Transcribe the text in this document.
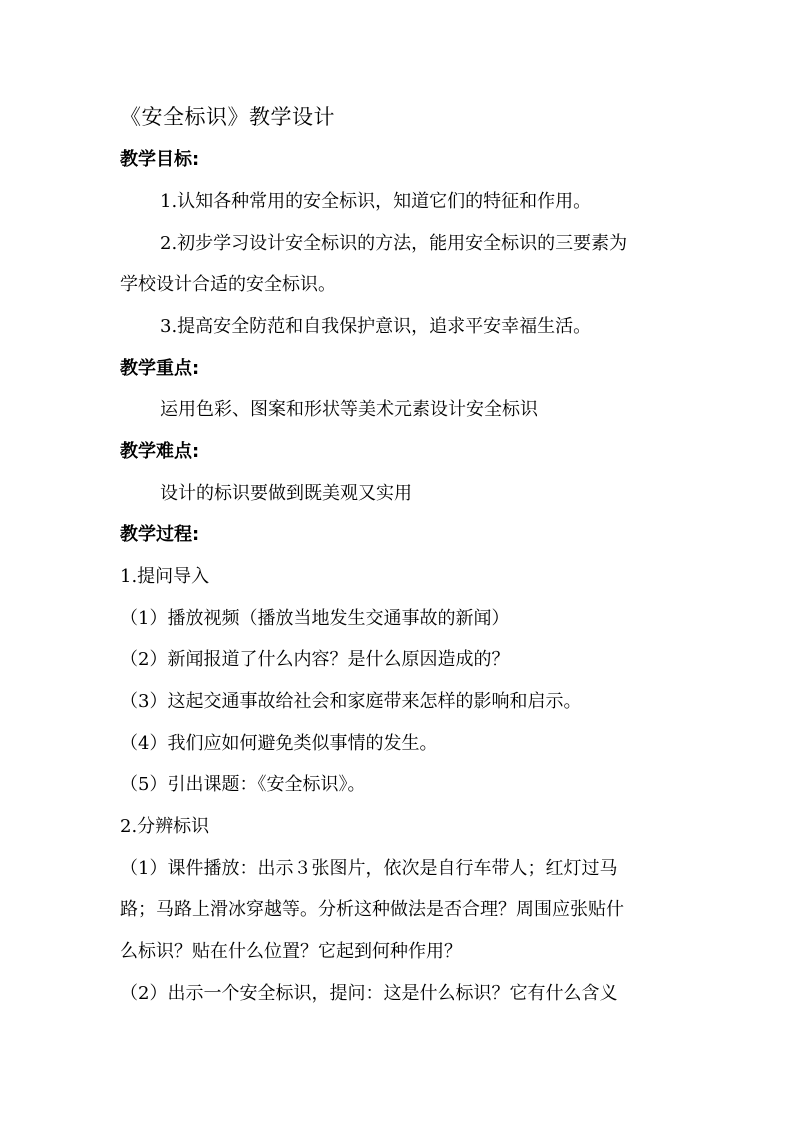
《安全标识》教学设计
教学目标:
1.认知各种常用的安全标识，知道它们的特征和作用。
2.初步学习设计安全标识的方法，能用安全标识的三要素为
学校设计合适的安全标识。
3.提高安全防范和自我保护意识，追求平安幸福生活。
教学重点:
运用色彩、图案和形状等美术元素设计安全标识
教学难点:
设计的标识要做到既美观又实用
教学过程:
1.提问导入
（1）播放视频（播放当地发生交通事故的新闻）
（2）新闻报道了什么内容？是什么原因造成的？
（3）这起交通事故给社会和家庭带来怎样的影响和启示。
（4）我们应如何避免类似事情的发生。
（5）引出课题：《安全标识》。
2.分辨标识
（1）课件播放：出示３张图片，依次是自行车带人；红灯过马
路；马路上滑冰穿越等。分析这种做法是否合理？周围应张贴什
么标识？贴在什么位置？它起到何种作用？
（2）出示一个安全标识，提问：这是什么标识？它有什么含义
